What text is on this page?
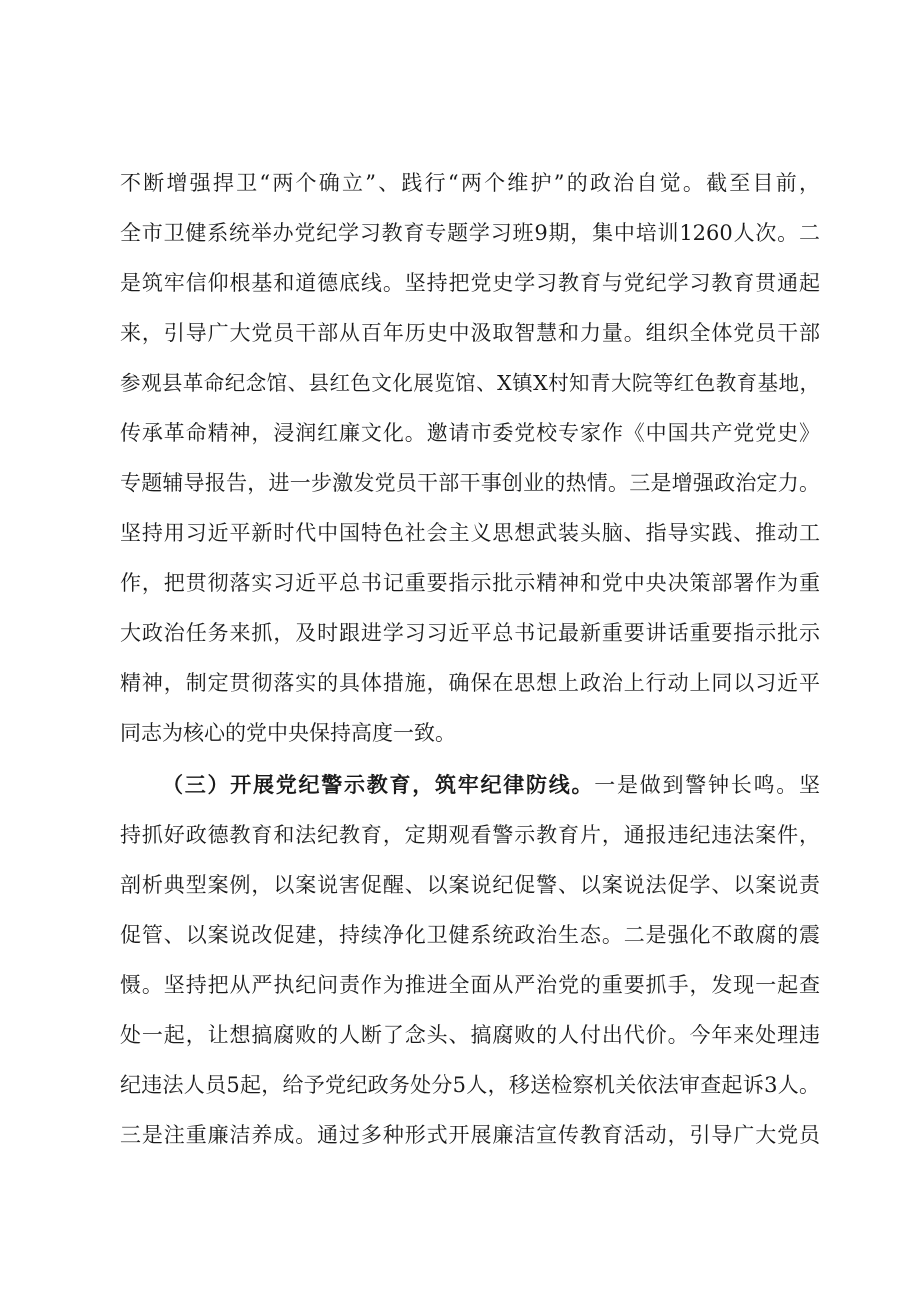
不断增强捍卫“两个确立”、践行“两个维护”的政治自觉。截至目前，
全市卫健系统举办党纪学习教育专题学习班9期，集中培训1260人次。二
是筑牢信仰根基和道德底线。坚持把党史学习教育与党纪学习教育贯通起
来，引导广大党员干部从百年历史中汲取智慧和力量。组织全体党员干部
参观县革命纪念馆、县红色文化展览馆、X镇X村知青大院等红色教育基地，
传承革命精神，浸润红廉文化。邀请市委党校专家作《中国共产党党史》
专题辅导报告，进一步激发党员干部干事创业的热情。三是增强政治定力。
坚持用习近平新时代中国特色社会主义思想武装头脑、指导实践、推动工
作，把贯彻落实习近平总书记重要指示批示精神和党中央决策部署作为重
大政治任务来抓，及时跟进学习习近平总书记最新重要讲话重要指示批示
精神，制定贯彻落实的具体措施，确保在思想上政治上行动上同以习近平
同志为核心的党中央保持高度一致。
（三）开展党纪警示教育，筑牢纪律防线。一是做到警钟长鸣。坚
持抓好政德教育和法纪教育，定期观看警示教育片，通报违纪违法案件，
剖析典型案例，以案说害促醒、以案说纪促警、以案说法促学、以案说责
促管、以案说改促建，持续净化卫健系统政治生态。二是强化不敢腐的震
慑。坚持把从严执纪问责作为推进全面从严治党的重要抓手，发现一起查
处一起，让想搞腐败的人断了念头、搞腐败的人付出代价。今年来处理违
纪违法人员5起，给予党纪政务处分5人，移送检察机关依法审查起诉3人。
三是注重廉洁养成。通过多种形式开展廉洁宣传教育活动，引导广大党员
